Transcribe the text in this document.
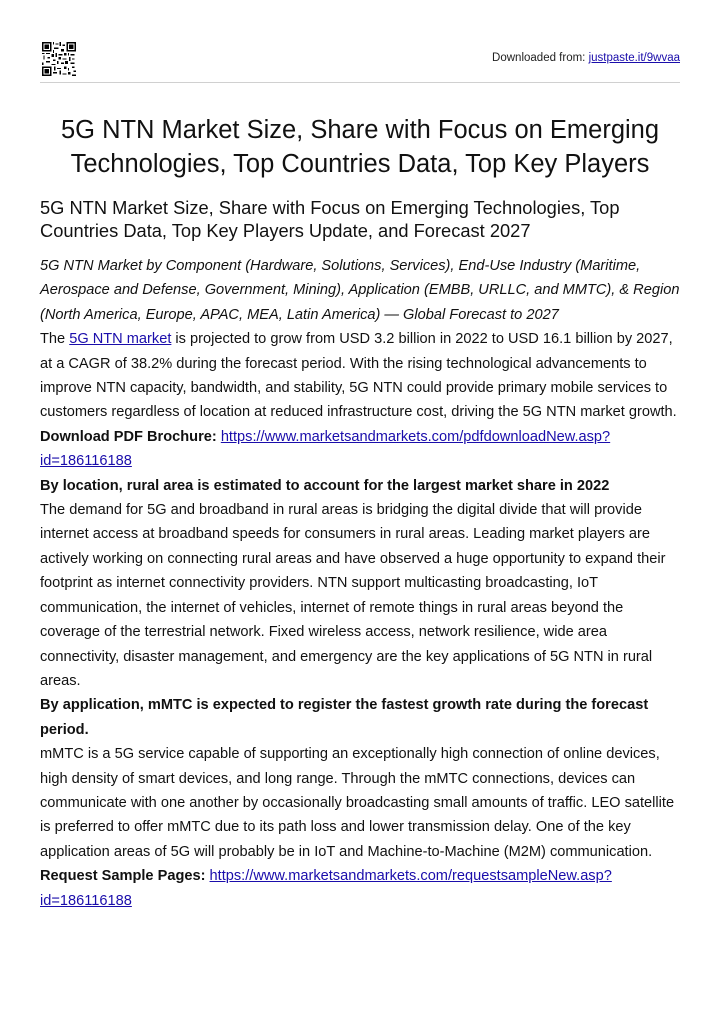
Downloaded from: justpaste.it/9wvaa
5G NTN Market Size, Share with Focus on Emerging Technologies, Top Countries Data, Top Key Players
5G NTN Market Size, Share with Focus on Emerging Technologies, Top Countries Data, Top Key Players Update, and Forecast 2027

5G NTN Market by Component (Hardware, Solutions, Services), End-Use Industry (Maritime, Aerospace and Defense, Government, Mining), Application (EMBB, URLLC, and MMTC), & Region (North America, Europe, APAC, MEA, Latin America) — Global Forecast to 2027

The 5G NTN market is projected to grow from USD 3.2 billion in 2022 to USD 16.1 billion by 2027, at a CAGR of 38.2% during the forecast period. With the rising technological advancements to improve NTN capacity, bandwidth, and stability, 5G NTN could provide primary mobile services to customers regardless of location at reduced infrastructure cost, driving the 5G NTN market growth.

Download PDF Brochure: https://www.marketsandmarkets.com/pdfdownloadNew.asp?id=186116188

By location, rural area is estimated to account for the largest market share in 2022

The demand for 5G and broadband in rural areas is bridging the digital divide that will provide internet access at broadband speeds for consumers in rural areas. Leading market players are actively working on connecting rural areas and have observed a huge opportunity to expand their footprint as internet connectivity providers. NTN support multicasting broadcasting, IoT communication, the internet of vehicles, internet of remote things in rural areas beyond the coverage of the terrestrial network. Fixed wireless access, network resilience, wide area connectivity, disaster management, and emergency are the key applications of 5G NTN in rural areas.

By application, mMTC is expected to register the fastest growth rate during the forecast period.

mMTC is a 5G service capable of supporting an exceptionally high connection of online devices, high density of smart devices, and long range. Through the mMTC connections, devices can communicate with one another by occasionally broadcasting small amounts of traffic. LEO satellite is preferred to offer mMTC due to its path loss and lower transmission delay. One of the key application areas of 5G will probably be in IoT and Machine-to-Machine (M2M) communication.

Request Sample Pages: https://www.marketsandmarkets.com/requestsampleNew.asp?id=186116188
